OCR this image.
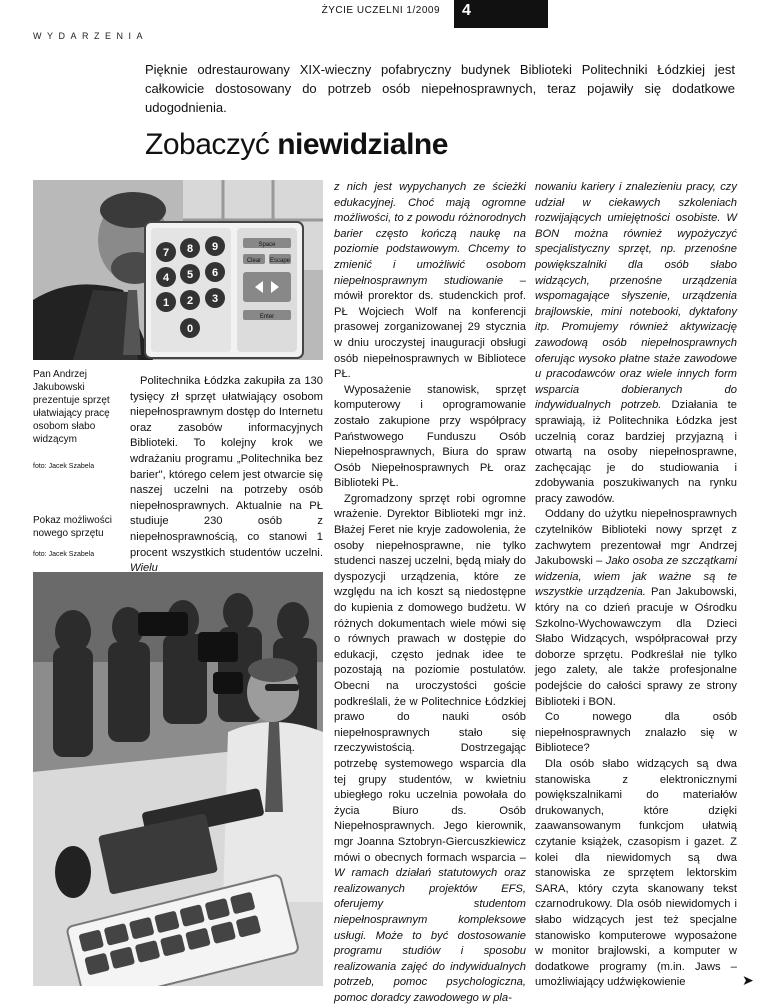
ŻYCIE UCZELNI 1/2009	4
WYDARZENIA
Pięknie odrestaurowany XIX-wieczny pofabryczny budynek Biblioteki Politechniki Łódzkiej jest całkowicie dostosowany do potrzeb osób niepełnosprawnych, teraz pojawiły się dodatkowe udogodnienia.
Zobaczyć niewidzialne
7 8 9
4 5 6
1 2 3
0
Space
Clear Escape
Enter
Pan Andrzej Jakubowski prezentuje sprzęt ułatwiający pracę osobom słabo widzącym
foto: Jacek Szabela
Pokaz możliwości nowego sprzętu
foto: Jacek Szabela

Politechnika Łódzka zakupiła za 130 tysięcy zł sprzęt ułatwiający osobom niepełnosprawnym dostęp do Internetu oraz zasobów informacyjnych Biblioteki. To kolejny krok we wdrażaniu programu „Politechnika bez barier", którego celem jest otwarcie się naszej uczelni na potrzeby osób niepełnosprawnych. Aktualnie na PŁ studiuje 230 osób z niepełnosprawnością, co stanowi 1 procent wszystkich studentów uczelni. Wielu

z nich jest wypychanych ze ścieżki edukacyjnej. Choć mają ogromne możliwości, to z powodu różnorodnych barier często kończą naukę na poziomie podstawowym. Chcemy to zmienić i umożliwić osobom niepełnosprawnym studiowanie – mówił prorektor ds. studenckich prof. PŁ Wojciech Wolf na konferencji prasowej zorganizowanej 29 stycznia w dniu uroczystej inauguracji obsługi osób niepełnosprawnych w Bibliotece PŁ.

Wyposażenie stanowisk, sprzęt komputerowy i oprogramowanie zostało zakupione przy współpracy Państwowego Funduszu Osób Niepełnosprawnych, Biura do spraw Osób Niepełnosprawnych PŁ oraz Biblioteki PŁ.

Zgromadzony sprzęt robi ogromne wrażenie. Dyrektor Biblioteki mgr inż. Błażej Feret nie kryje zadowolenia, że osoby niepełnosprawne, nie tylko studenci naszej uczelni, będą miały do dyspozycji urządzenia, które ze względu na ich koszt są niedostępne do kupienia z domowego budżetu. W różnych dokumentach wiele mówi się o równych prawach w dostępie do edukacji, często jednak idee te pozostają na poziomie postulatów. Obecni na uroczystości goście podkreślali, że w Politechnice Łódzkiej prawo do nauki osób niepełnosprawnych stało się rzeczywistością. Dostrzegając potrzebę systemowego wsparcia dla tej grupy studentów, w kwietniu ubiegłego roku uczelnia powołała do życia Biuro ds. Osób Niepełnosprawnych. Jego kierownik, mgr Joanna Sztobryn-Giercuszkiewicz mówi o obecnych formach wsparcia – W ramach działań statutowych oraz realizowanych projektów EFS, oferujemy studentom niepełnosprawnym kompleksowe usługi. Może to być dostosowanie programu studiów i sposobu realizowania zajęć do indywidualnych potrzeb, pomoc psychologiczna, pomoc doradcy zawodowego w pla-

nowaniu kariery i znalezieniu pracy, czy udział w ciekawych szkoleniach rozwijających umiejętności osobiste. W BON można również wypożyczyć specjalistyczny sprzęt, np. przenośne powiększalniki dla osób słabo widzących, przenośne urządzenia wspomagające słyszenie, urządzenia brajlowskie, mini notebooki, dyktafony itp. Promujemy również aktywizację zawodową osób niepełnosprawnych oferując wysoko płatne staże zawodowe u pracodawców oraz wiele innych form wsparcia dobieranych do indywidualnych potrzeb. Działania te sprawiają, iż Politechnika Łódzka jest uczelnią coraz bardziej przyjazną i otwartą na osoby niepełnosprawne, zachęcając je do studiowania i zdobywania poszukiwanych na rynku pracy zawodów.

Oddany do użytku niepełnosprawnych czytelników Biblioteki nowy sprzęt z zachwytem prezentował mgr Andrzej Jakubowski – Jako osoba ze szczątkami widzenia, wiem jak ważne są te wszystkie urządzenia. Pan Jakubowski, który na co dzień pracuje w Ośrodku Szkolno-Wychowawczym dla Dzieci Słabo Widzących, współpracował przy doborze sprzętu. Podkreślał nie tylko jego zalety, ale także profesjonalne podejście do całości sprawy ze strony Biblioteki i BON.

Co nowego dla osób niepełnosprawnych znalazło się w Bibliotece?

Dla osób słabo widzących są dwa stanowiska z elektronicznymi powiększalnikami do materiałów drukowanych, które dzięki zaawansowanym funkcjom ułatwią czytanie książek, czasopism i gazet. Z kolei dla niewidomych są dwa stanowiska ze sprzętem lektorskim SARA, który czyta skanowany tekst czarnodrukowy. Dla osób niewidomych i słabo widzących jest też specjalne stanowisko komputerowe wyposażone w monitor brajlowski, a komputer w dodatkowe programy (m.in. Jaws – umożliwiający udźwiękowienie	➤
